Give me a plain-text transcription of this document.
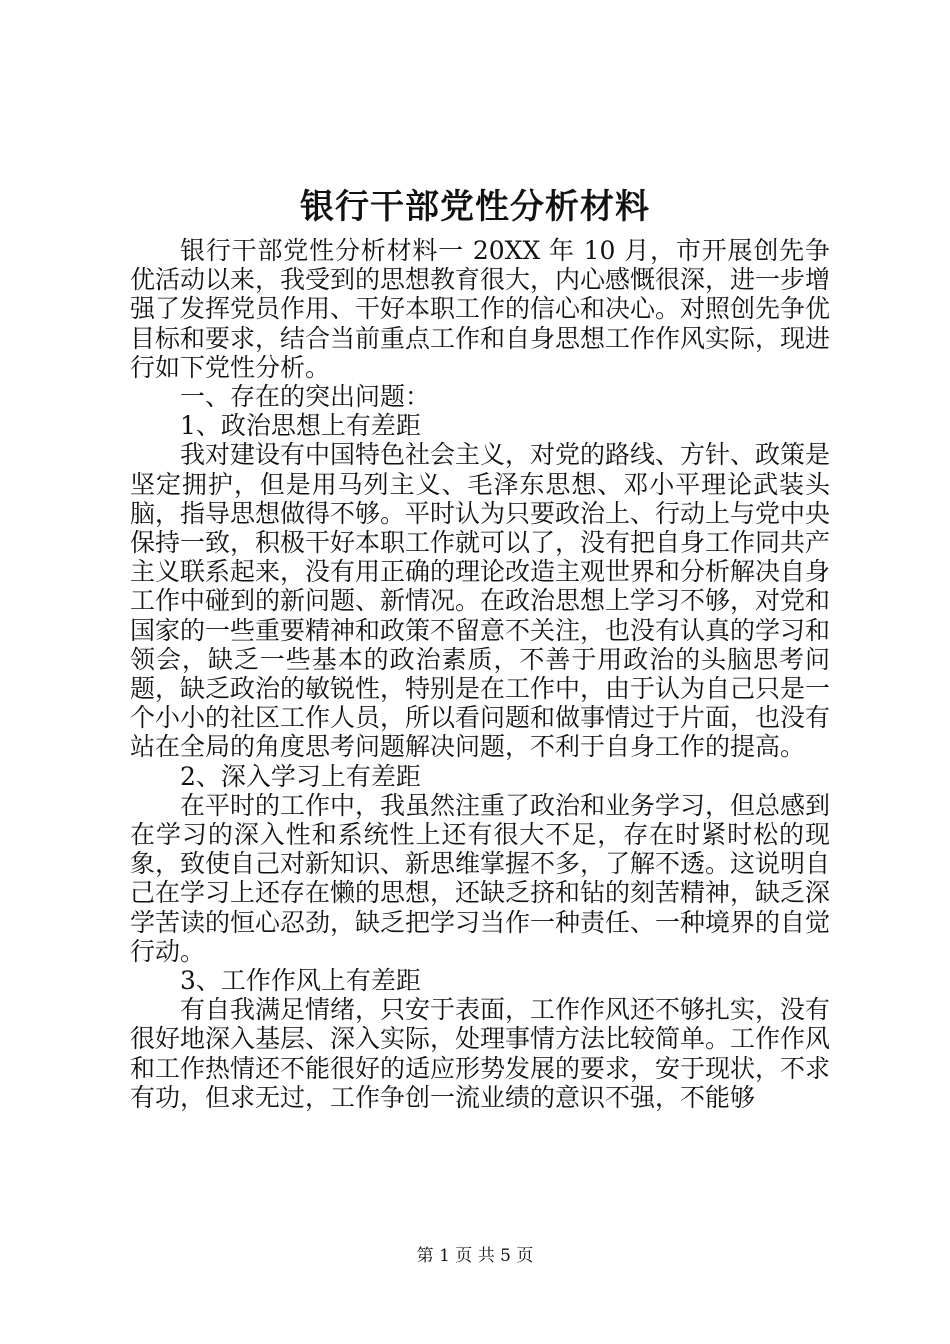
银行干部党性分析材料

银行干部党性分析材料一 20XX 年 10 月，市开展创先争优活动以来，我受到的思想教育很大，内心感慨很深，进一步增强了发挥党员作用、干好本职工作的信心和决心。对照创先争优目标和要求，结合当前重点工作和自身思想工作作风实际，现进行如下党性分析。

一、存在的突出问题：

1、政治思想上有差距

我对建设有中国特色社会主义，对党的路线、方针、政策是坚定拥护，但是用马列主义、毛泽东思想、邓小平理论武装头脑，指导思想做得不够。平时认为只要政治上、行动上与党中央保持一致，积极干好本职工作就可以了，没有把自身工作同共产主义联系起来，没有用正确的理论改造主观世界和分析解决自身工作中碰到的新问题、新情况。在政治思想上学习不够，对党和国家的一些重要精神和政策不留意不关注，也没有认真的学习和领会，缺乏一些基本的政治素质，不善于用政治的头脑思考问题，缺乏政治的敏锐性，特别是在工作中，由于认为自己只是一个小小的社区工作人员，所以看问题和做事情过于片面，也没有站在全局的角度思考问题解决问题，不利于自身工作的提高。

2、深入学习上有差距

在平时的工作中，我虽然注重了政治和业务学习，但总感到在学习的深入性和系统性上还有很大不足，存在时紧时松的现象，致使自己对新知识、新思维掌握不多，了解不透。这说明自己在学习上还存在懒的思想，还缺乏挤和钻的刻苦精神，缺乏深学苦读的恒心忍劲，缺乏把学习当作一种责任、一种境界的自觉行动。

3、工作作风上有差距

有自我满足情绪，只安于表面，工作作风还不够扎实，没有很好地深入基层、深入实际，处理事情方法比较简单。工作作风和工作热情还不能很好的适应形势发展的要求，安于现状，不求有功，但求无过，工作争创一流业绩的意识不强，不能够

第 1 页 共 5 页
